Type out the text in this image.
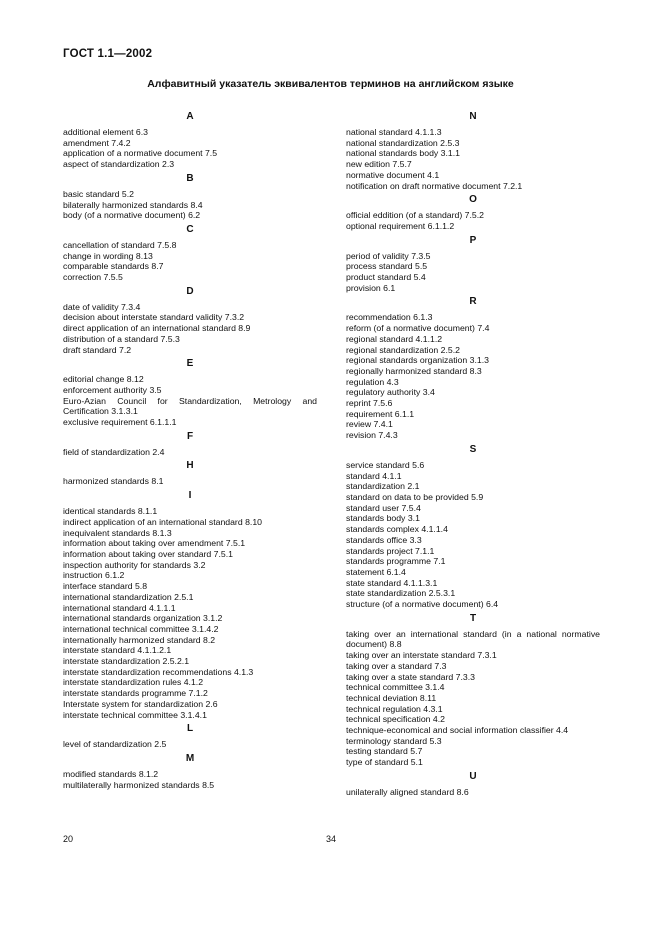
ГОСТ 1.1—2002
Алфавитный указатель эквивалентов терминов на английском языке
A
additional element 6.3
amendment 7.4.2
application of a normative document 7.5
aspect of standardization 2.3
B
basic standard 5.2
bilaterally harmonized standards 8.4
body (of a normative document) 6.2
C
cancellation of standard 7.5.8
change in wording 8.13
comparable standards 8.7
correction 7.5.5
D
date of validity 7.3.4
decision about interstate standard validity 7.3.2
direct application of an international standard 8.9
distribution of a standard 7.5.3
draft standard 7.2
E
editorial change 8.12
enforcement authority 3.5
Euro-Azian Council for Standardization, Metrology and Certification 3.1.3.1
exclusive requirement 6.1.1.1
F
field of standardization 2.4
H
harmonized standards 8.1
I
identical standards 8.1.1
indirect application of an international standard 8.10
inequivalent standards 8.1.3
information about taking over amendment 7.5.1
information about taking over standard 7.5.1
inspection authority for standards 3.2
instruction 6.1.2
interface standard 5.8
international standardization 2.5.1
international standard 4.1.1.1
international standards organization 3.1.2
international technical committee 3.1.4.2
internationally harmonized standard 8.2
interstate standard 4.1.1.2.1
interstate standardization 2.5.2.1
interstate standardization recommendations 4.1.3
interstate standardization rules 4.1.2
interstate standards programme 7.1.2
Interstate system for standardization 2.6
interstate technical committee 3.1.4.1
L
level of standardization 2.5
M
modified standards 8.1.2
multilaterally harmonized standards 8.5
N
national standard 4.1.1.3
national standardization 2.5.3
national standards body 3.1.1
new edition 7.5.7
normative document 4.1
notification on draft normative document 7.2.1
O
official eddition (of a standard) 7.5.2
optional requirement 6.1.1.2
P
period of validity 7.3.5
process standard 5.5
product standard 5.4
provision 6.1
R
recommendation 6.1.3
reform (of a normative document) 7.4
regional standard 4.1.1.2
regional standardization 2.5.2
regional standards organization 3.1.3
regionally harmonized standard 8.3
regulation 4.3
regulatory authority 3.4
reprint 7.5.6
requirement 6.1.1
review 7.4.1
revision 7.4.3
S
service standard 5.6
standard 4.1.1
standardization 2.1
standard on data to be provided 5.9
standard user 7.5.4
standards body 3.1
standards complex 4.1.1.4
standards office 3.3
standards project 7.1.1
standards programme 7.1
statement 6.1.4
state standard 4.1.1.3.1
state standardization 2.5.3.1
structure (of a normative document) 6.4
T
taking over an international standard (in a national normative document) 8.8
taking over an interstate standard 7.3.1
taking over a standard 7.3
taking over a state standard 7.3.3
technical committee 3.1.4
technical deviation 8.11
technical regulation 4.3.1
technical specification 4.2
technique-economical and social information classifier 4.4
terminology standard 5.3
testing standard 5.7
type of standard 5.1
U
unilaterally aligned standard 8.6
20	34
